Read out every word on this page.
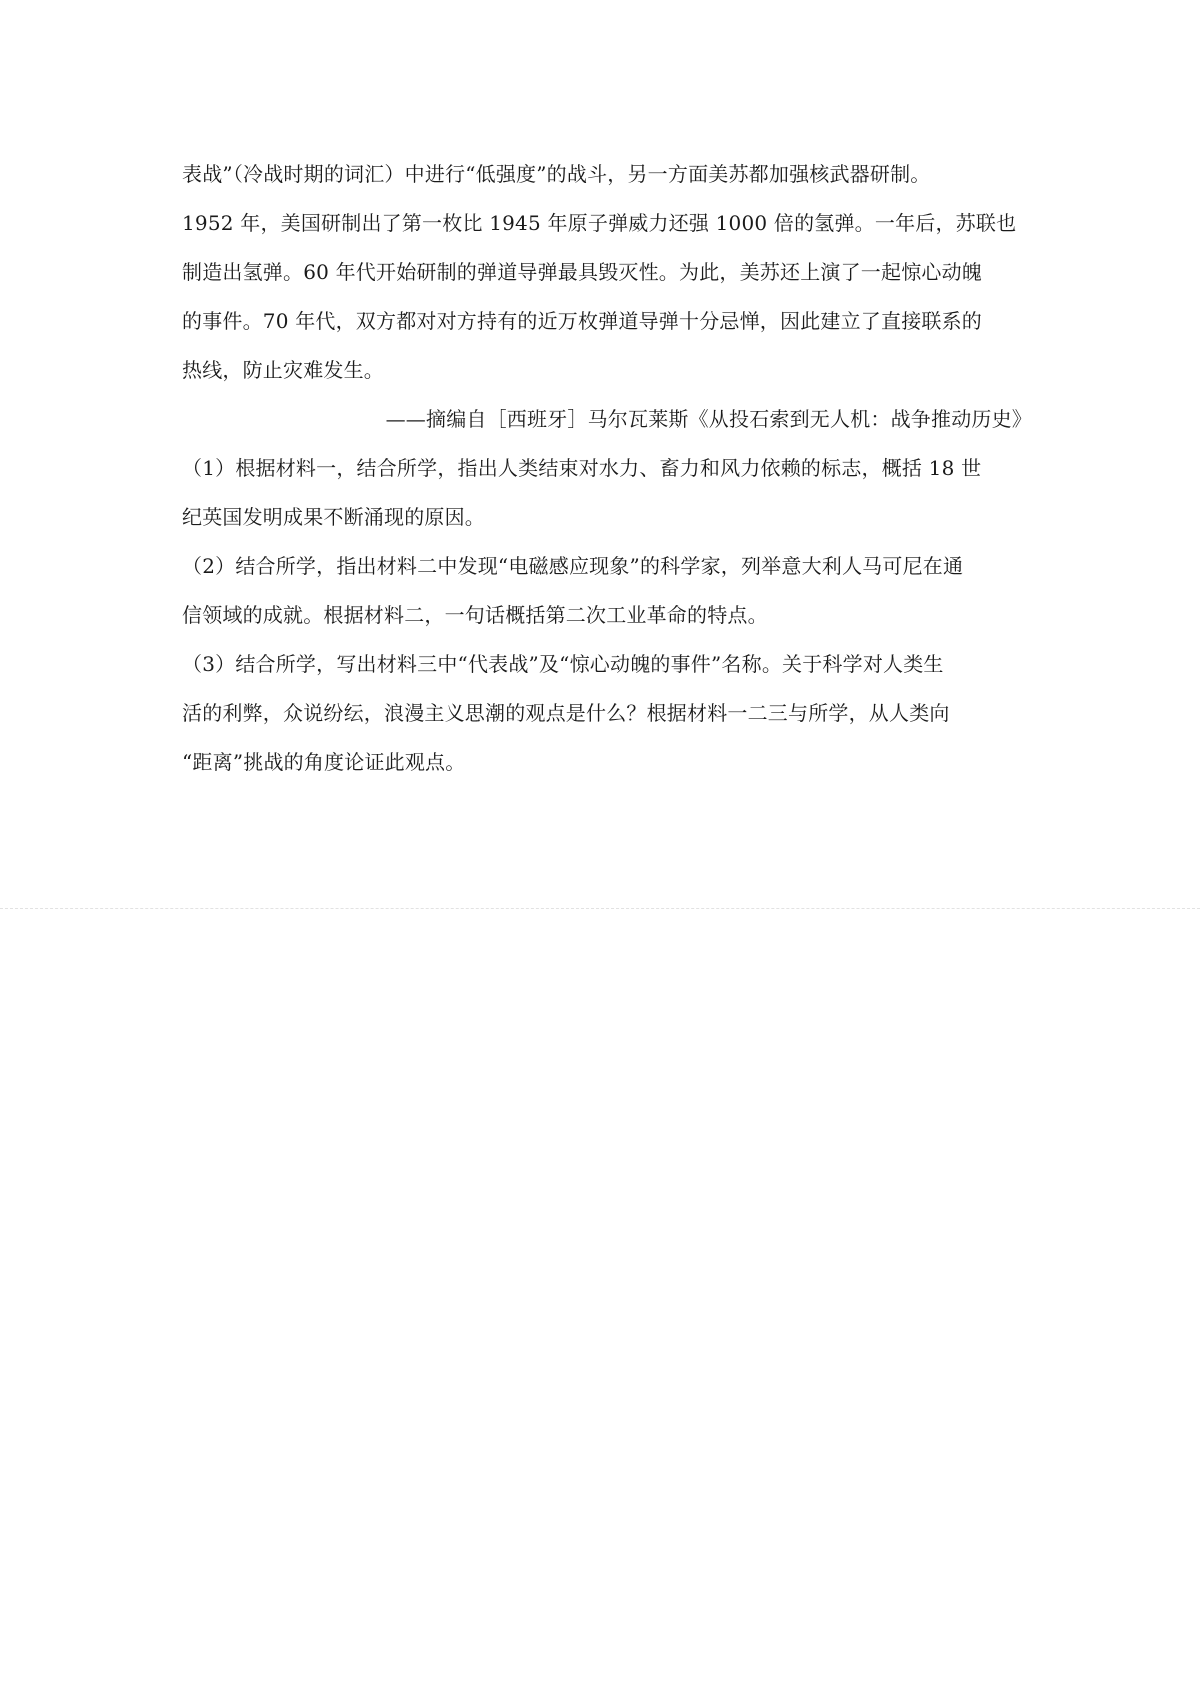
表战”（冷战时期的词汇）中进行“低强度”的战斗，另一方面美苏都加强核武器研制。
1952 年，美国研制出了第一枚比 1945 年原子弹威力还强 1000 倍的氢弹。一年后，苏联也
制造出氢弹。60 年代开始研制的弹道导弹最具毁灭性。为此，美苏还上演了一起惊心动魄
的事件。70 年代，双方都对对方持有的近万枚弹道导弹十分忌惮，因此建立了直接联系的
热线，防止灾难发生。
——摘编自［西班牙］马尔瓦莱斯《从投石索到无人机：战争推动历史》
（1）根据材料一，结合所学，指出人类结束对水力、畜力和风力依赖的标志，概括 18 世
纪英国发明成果不断涌现的原因。
（2）结合所学，指出材料二中发现“电磁感应现象”的科学家，列举意大利人马可尼在通
信领域的成就。根据材料二，一句话概括第二次工业革命的特点。
（3）结合所学，写出材料三中“代表战”及“惊心动魄的事件”名称。关于科学对人类生
活的利弊，众说纷纭，浪漫主义思潮的观点是什么？根据材料一二三与所学，从人类向
“距离”挑战的角度论证此观点。
